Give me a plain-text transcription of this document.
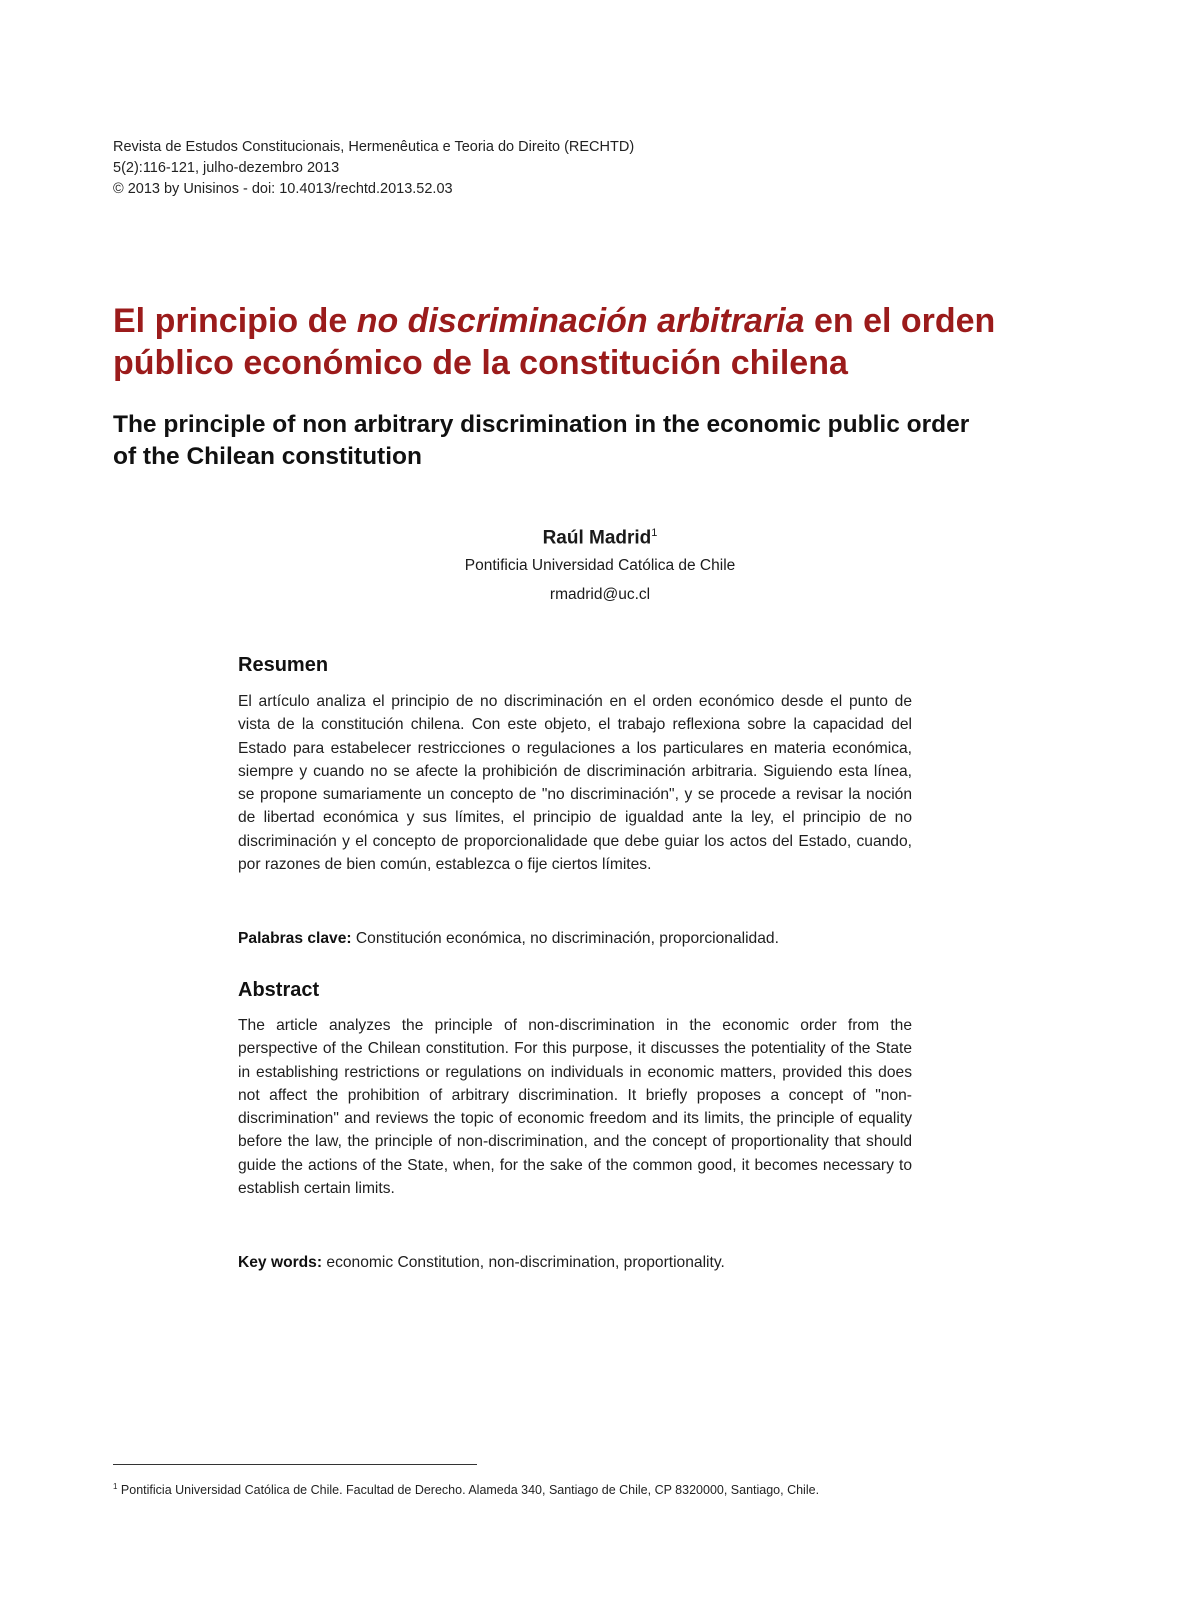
Revista de Estudos Constitucionais, Hermenêutica e Teoria do Direito (RECHTD)
5(2):116-121, julho-dezembro 2013
© 2013 by Unisinos - doi: 10.4013/rechtd.2013.52.03
El principio de no discriminación arbitraria en el orden público económico de la constitución chilena
The principle of non arbitrary discrimination in the economic public order of the Chilean constitution
Raúl Madrid$^1$
Pontificia Universidad Católica de Chile
rmadrid@uc.cl
Resumen

El artículo analiza el principio de no discriminación en el orden económico desde el punto de vista de la constitución chilena. Con este objeto, el trabajo reflexiona sobre la capacidad del Estado para estabelecer restricciones o regulaciones a los particulares en materia económica, siempre y cuando no se afecte la prohibición de discriminación arbitraria. Siguiendo esta línea, se propone sumariamente un concepto de "no discriminación", y se procede a revisar la noción de libertad económica y sus límites, el principio de igualdad ante la ley, el principio de no discriminación y el concepto de proporcionalidade que debe guiar los actos del Estado, cuando, por razones de bien común, establezca o fije ciertos límites.

Palabras clave: Constitución económica, no discriminación, proporcionalidad.

Abstract

The article analyzes the principle of non-discrimination in the economic order from the perspective of the Chilean constitution. For this purpose, it discusses the potentiality of the State in establishing restrictions or regulations on individuals in economic matters, provided this does not affect the prohibition of arbitrary discrimination. It briefly proposes a concept of "non-discrimination" and reviews the topic of economic freedom and its limits, the principle of equality before the law, the principle of non-discrimination, and the concept of proportionality that should guide the actions of the State, when, for the sake of the common good, it becomes necessary to establish certain limits.

Key words: economic Constitution, non-discrimination, proportionality.

$^1$ Pontificia Universidad Católica de Chile. Facultad de Derecho. Alameda 340, Santiago de Chile, CP 8320000, Santiago, Chile.
